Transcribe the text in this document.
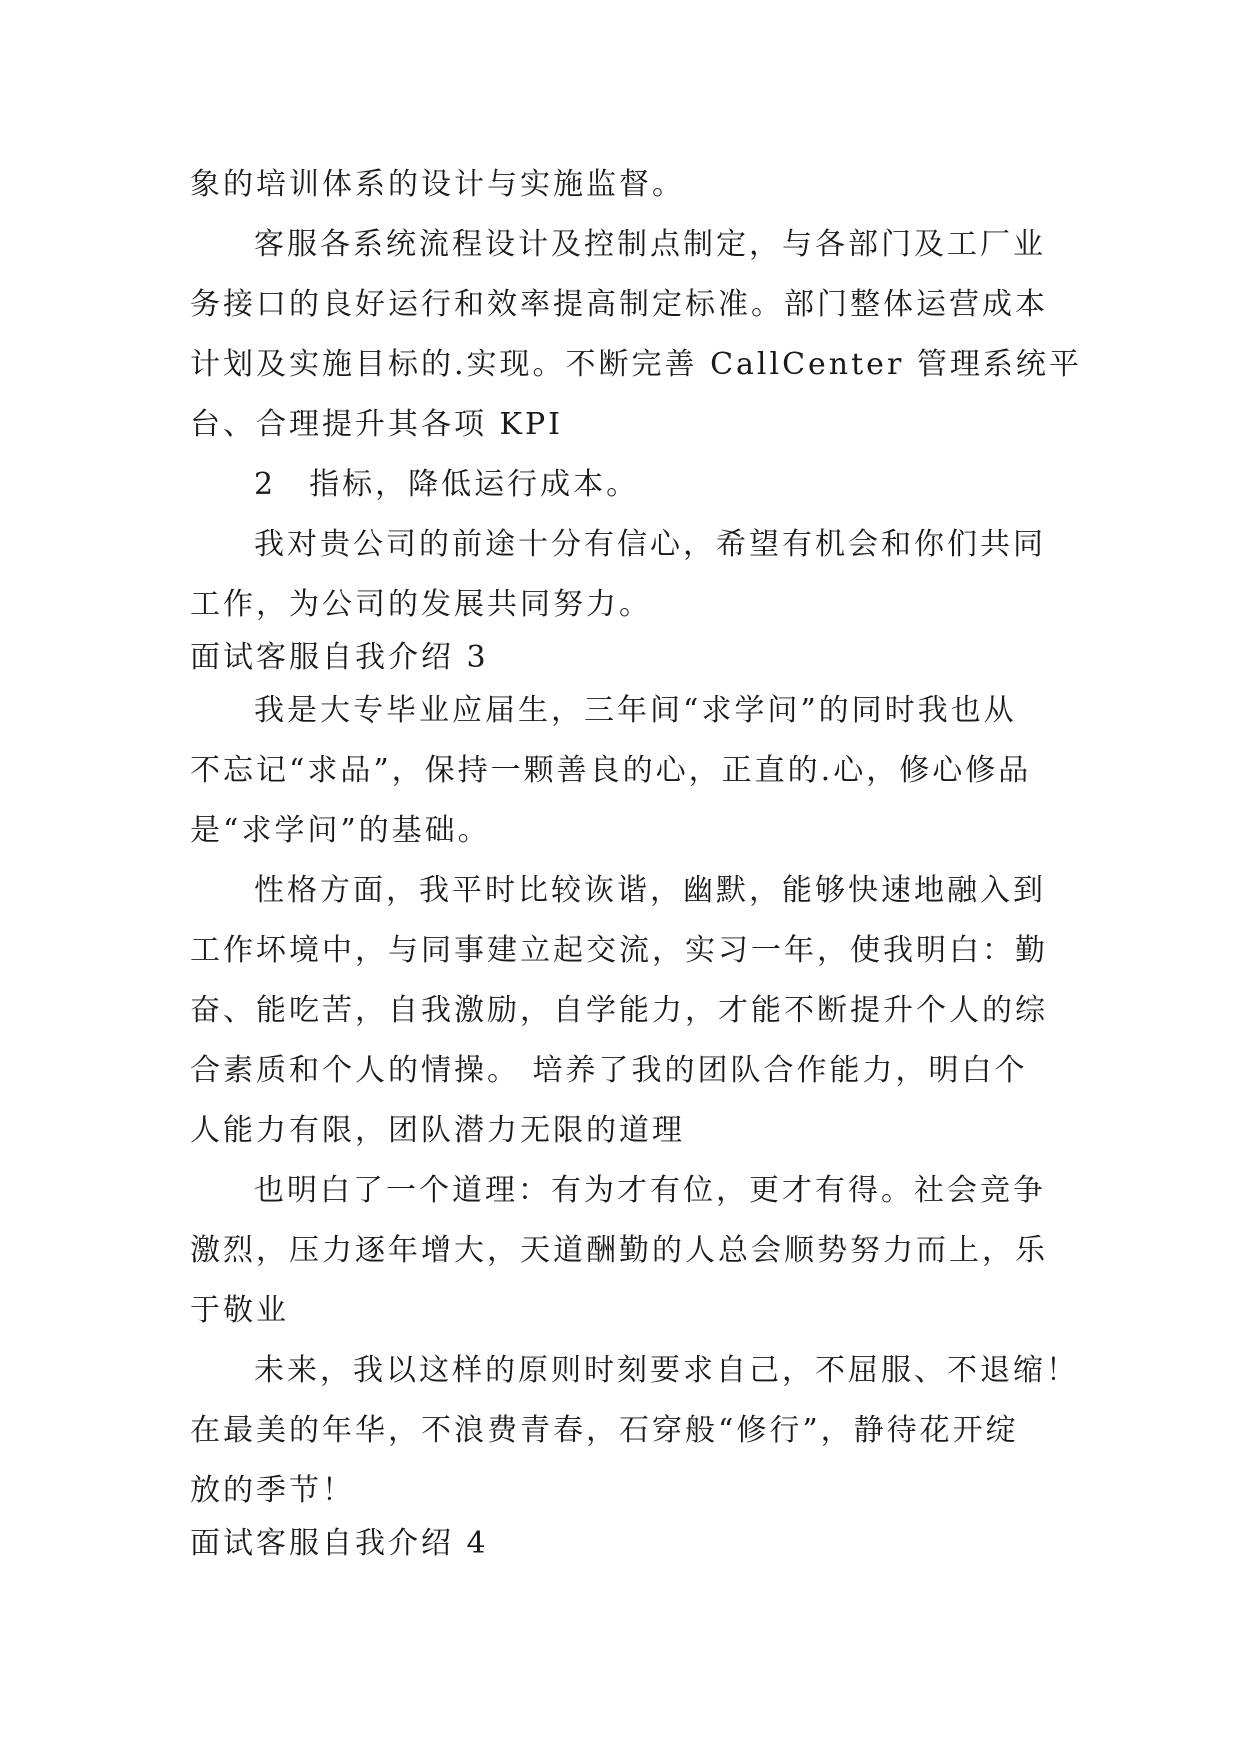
象的培训体系的设计与实施监督。
客服各系统流程设计及控制点制定，与各部门及工厂业
务接口的良好运行和效率提高制定标准。部门整体运营成本
计划及实施目标的.实现。不断完善 CallCenter 管理系统平
台、合理提升其各项 KPI
2　指标，降低运行成本。
我对贵公司的前途十分有信心，希望有机会和你们共同
工作，为公司的发展共同努力。
面试客服自我介绍 3
我是大专毕业应届生，三年间“求学问”的同时我也从
不忘记“求品”，保持一颗善良的心，正直的.心，修心修品
是“求学问”的基础。
性格方面，我平时比较诙谐，幽默，能够快速地融入到
工作坏境中，与同事建立起交流，实习一年，使我明白：勤
奋、能吃苦，自我激励，自学能力，才能不断提升个人的综
合素质和个人的情操。 培养了我的团队合作能力，明白个
人能力有限，团队潜力无限的道理
也明白了一个道理：有为才有位，更才有得。社会竞争
激烈，压力逐年增大，天道酬勤的人总会顺势努力而上，乐
于敬业
未来，我以这样的原则时刻要求自己，不屈服、不退缩！
在最美的年华，不浪费青春，石穿般“修行”，静待花开绽
放的季节！
面试客服自我介绍 4
